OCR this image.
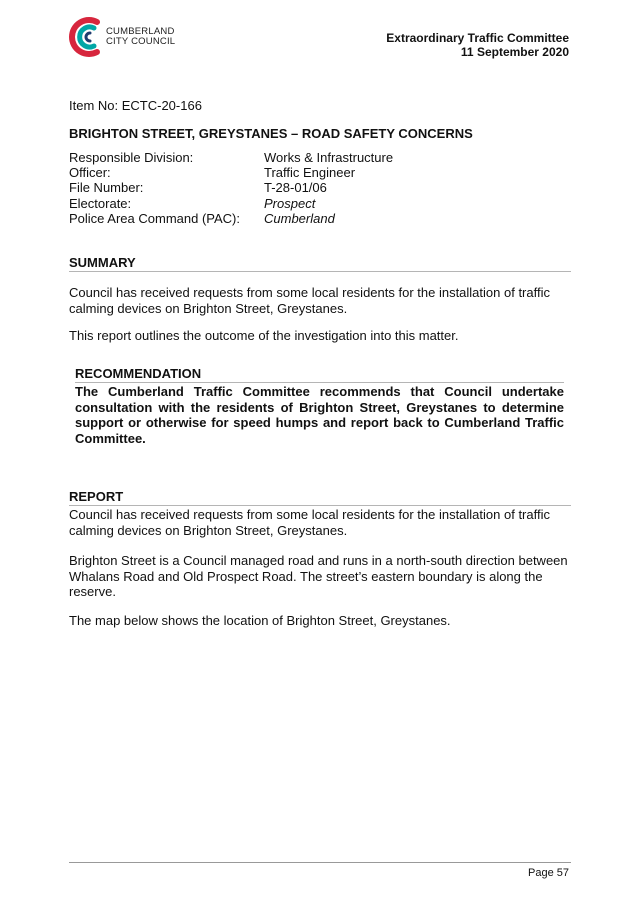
CUMBERLAND
CITY COUNCIL	Extraordinary Traffic Committee
11 September 2020
Item No: ECTC-20-166
BRIGHTON STREET, GREYSTANES – ROAD SAFETY CONCERNS
Responsible Division:	Works & Infrastructure
Officer:	Traffic Engineer
File Number:	T-28-01/06
Electorate:	Prospect
Police Area Command (PAC):	Cumberland
SUMMARY
Council has received requests from some local residents for the installation of traffic calming devices on Brighton Street, Greystanes.
This report outlines the outcome of the investigation into this matter.
RECOMMENDATION
The Cumberland Traffic Committee recommends that Council undertake consultation with the residents of Brighton Street, Greystanes to determine support or otherwise for speed humps and report back to Cumberland Traffic Committee.
REPORT
Council has received requests from some local residents for the installation of traffic calming devices on Brighton Street, Greystanes.
Brighton Street is a Council managed road and runs in a north-south direction between Whalans Road and Old Prospect Road. The street’s eastern boundary is along the reserve.
The map below shows the location of Brighton Street, Greystanes.
Page 57
